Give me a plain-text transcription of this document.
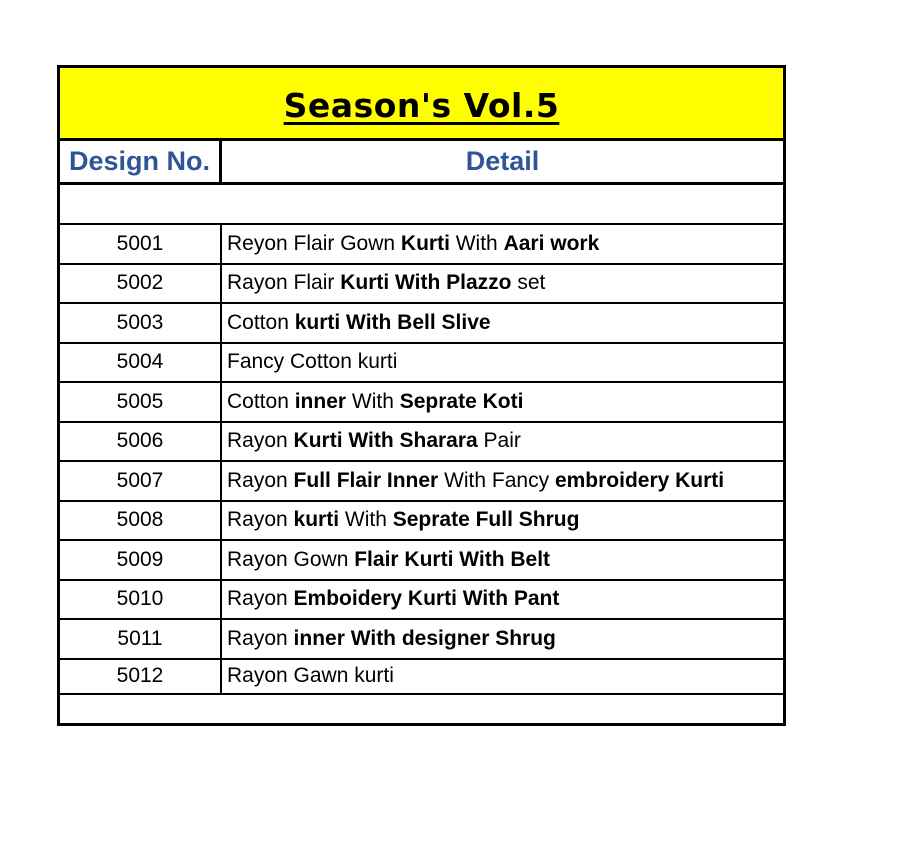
Season's Vol.5
Design No.	Detail
5001	Reyon Flair Gown Kurti With Aari work
5002	Rayon Flair Kurti With Plazzo set
5003	Cotton kurti With Bell Slive
5004	Fancy Cotton kurti
5005	Cotton inner With Seprate Koti
5006	Rayon Kurti With Sharara Pair
5007	Rayon Full Flair Inner With Fancy embroidery Kurti
5008	Rayon kurti With Seprate Full Shrug
5009	Rayon Gown Flair Kurti With Belt
5010	Rayon Emboidery Kurti With Pant
5011	Rayon inner With designer Shrug
5012	Rayon Gawn kurti
